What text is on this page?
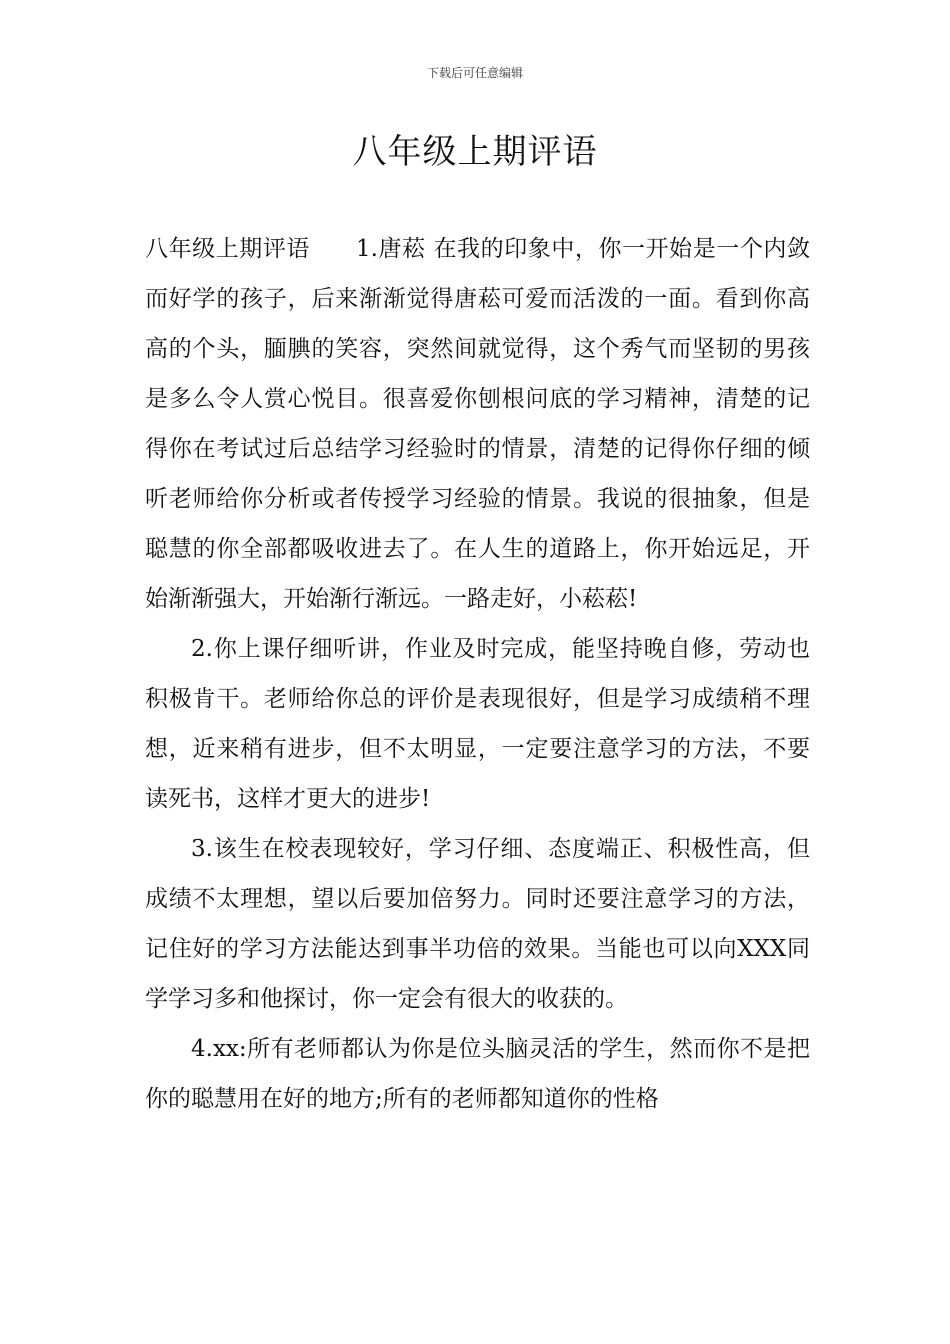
下载后可任意编辑
八年级上期评语

八年级上期评语 1.唐菘 在我的印象中，你一开始是一个内敛而好学的孩子，后来渐渐觉得唐菘可爱而活泼的一面。看到你高高的个头，腼腆的笑容，突然间就觉得，这个秀气而坚韧的男孩是多么令人赏心悦目。很喜爱你刨根问底的学习精神，清楚的记得你在考试过后总结学习经验时的情景，清楚的记得你仔细的倾听老师给你分析或者传授学习经验的情景。我说的很抽象，但是聪慧的你全部都吸收进去了。在人生的道路上，你开始远足，开始渐渐强大，开始渐行渐远。一路走好，小菘菘!

2.你上课仔细听讲，作业及时完成，能坚持晚自修，劳动也积极肯干。老师给你总的评价是表现很好，但是学习成绩稍不理想，近来稍有进步，但不太明显，一定要注意学习的方法，不要读死书，这样才更大的进步!

3.该生在校表现较好，学习仔细、态度端正、积极性高，但成绩不太理想，望以后要加倍努力。同时还要注意学习的方法，记住好的学习方法能达到事半功倍的效果。当能也可以向XXX同学学习多和他探讨，你一定会有很大的收获的。

4.xx:所有老师都认为你是位头脑灵活的学生，然而你不是把你的聪慧用在好的地方;所有的老师都知道你的性格
